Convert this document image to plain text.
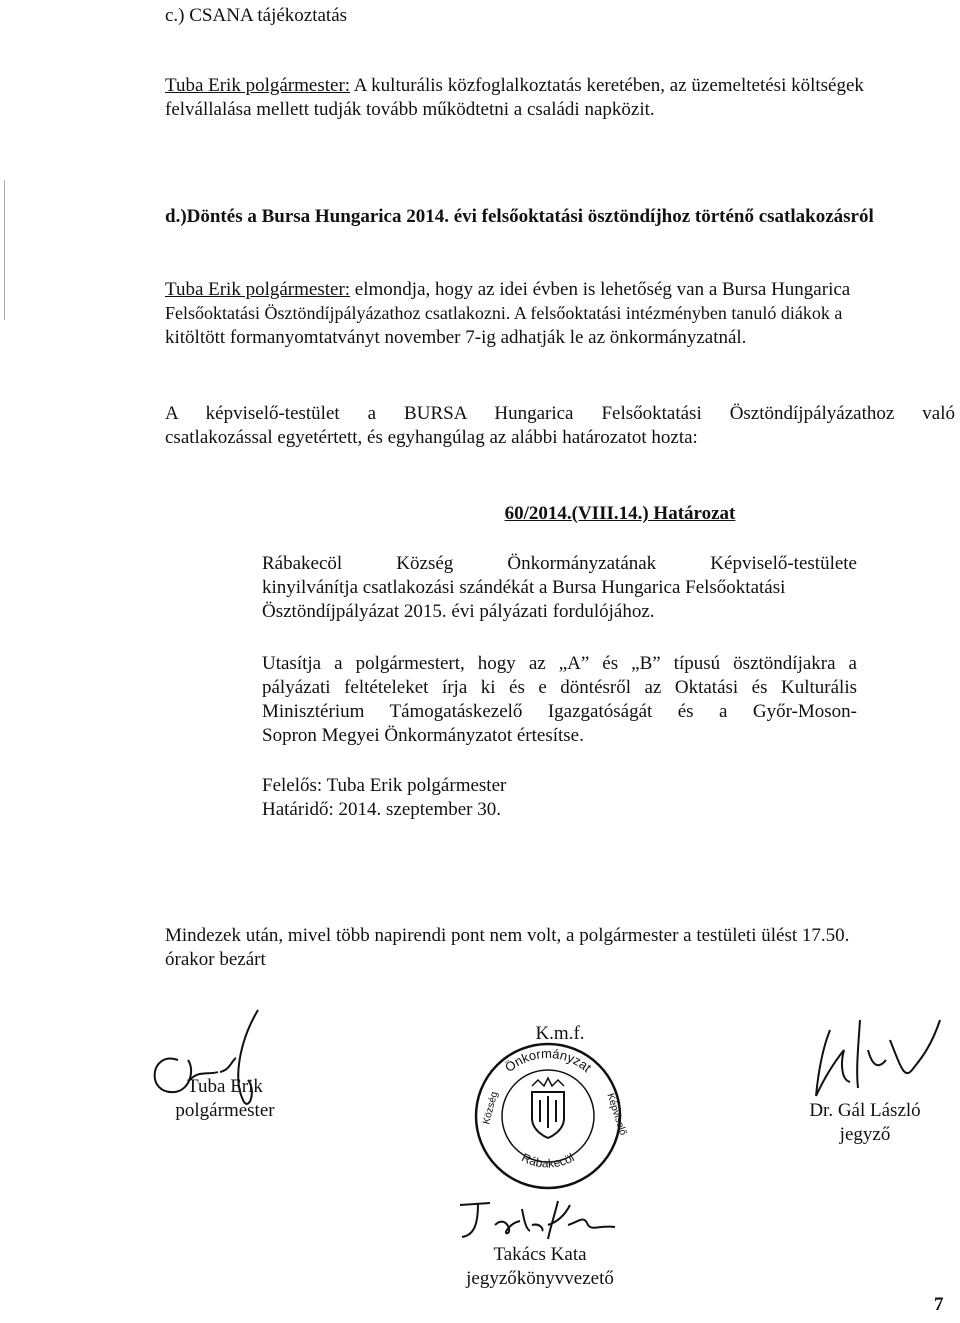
c.) CSANA tájékoztatás

Tuba Erik polgármester: A kulturális közfoglalkoztatás keretében, az üzemeltetési költségek

felvállalása mellett tudják tovább működtetni a családi napközit.

d.)Döntés a Bursa Hungarica 2014. évi felsőoktatási ösztöndíjhoz történő csatlakozásról

Tuba Erik polgármester: elmondja, hogy az idei évben is lehetőség van a Bursa Hungarica

Felsőoktatási Ösztöndíjpályázathoz csatlakozni. A felsőoktatási intézményben tanuló diákok a

kitöltött formanyomtatványt november 7-ig adhatják le az önkormányzatnál.

A képviselő-testület a BURSA Hungarica Felsőoktatási Ösztöndíjpályázathoz való

csatlakozással egyetértett, és egyhangúlag az alábbi határozatot hozta:

60/2014.(VIII.14.) Határozat

Rábakecöl Község Önkormányzatának Képviselő-testülete

kinyilvánítja csatlakozási szándékát a Bursa Hungarica Felsőoktatási

Ösztöndíjpályázat 2015. évi pályázati fordulójához.

Utasítja a polgármestert, hogy az „A” és „B” típusú ösztöndíjakra a

pályázati feltételeket írja ki és e döntésről az Oktatási és Kulturális

Minisztérium Támogatáskezelő Igazgatóságát és a Győr-Moson-

Sopron Megyei Önkormányzatot értesítse.

Felelős: Tuba Erik polgármester

Határidő: 2014. szeptember 30.

Mindezek után, mivel több napirendi pont nem volt, a polgármester a testületi ülést 17.50.

órakor bezárt

Tuba Erik

polgármester

K.m.f.

Önkormányzat
Község	Képviselő
Rábakecöl

Dr. Gál László

jegyző

Takács Kata

jegyzőkönyvvezető

7
